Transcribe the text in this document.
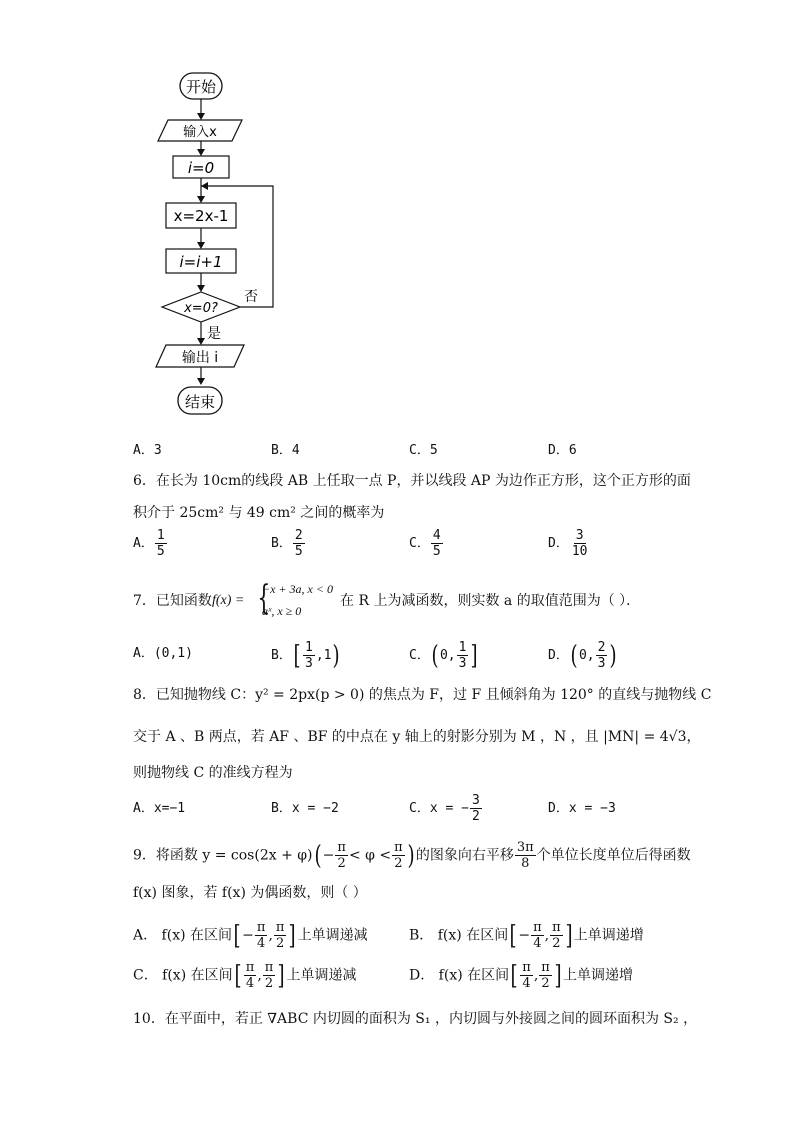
开始
输入x
i=0
x=2x-1
i=i+1
x=0?
否
是
输出 i
结束
A．3	B．4	C．5	D．6
6．在长为 10cm的线段 AB 上任取一点 P，并以线段 AP 为边作正方形，这个正方形的面
积介于 25cm² 与 49 cm² 之间的概率为
A． $\frac{1}{5}$	B． $\frac{2}{5}$	C． $\frac{4}{5}$	D． $\frac{3}{10}$
7．已知函数 f(x) = {
−x + 3a, x < 0
aˣ, x ≥ 0
在 R 上为减函数，则实数 a 的取值范围为（ ）．
A．(0,1)	B．[ $\frac{1}{3} ,1$)	C．( 0, $\frac{1}{3}$ ]	D．( 0, $\frac{2}{3}$ )
8．已知抛物线 C：y² = 2px(p > 0) 的焦点为 F，过 F 且倾斜角为 120° 的直线与抛物线 C
交于 A 、B 两点，若 AF 、BF 的中点在 y 轴上的射影分别为 M ，N ，且 |MN| = 4√3，
则抛物线 C 的准线方程为
A．x=−1	B．x = −2	C．x = − $\frac{3}{2}$	D．x = −3
9．将函数 $y = \cos(2x + \varphi)( - \frac{\pi}{2} < \varphi < \frac{\pi}{2}$ ) 的图象向右平移 $\frac{3\pi}{8}$ 个单位长度单位后得函数
f(x) 图象，若 f(x) 为偶函数，则（ ）
A． f(x) 在区间[ − $\frac{\pi}{4}$ , $\frac{\pi}{2}$ ] 上单调递减	B． f(x) 在区间[ − $\frac{\pi}{4}$ , $\frac{\pi}{2}$ ] 上单调递增
C． f(x) 在区间[ $\frac{\pi}{4}$ , $\frac{\pi}{2}$ ] 上单调递减	D． f(x) 在区间[ $\frac{\pi}{4}$ , $\frac{\pi}{2}$ ] 上单调递增
10．在平面中，若正 ∇ABC 内切圆的面积为 S₁ ，内切圆与外接圆之间的圆环面积为 S₂ ，
